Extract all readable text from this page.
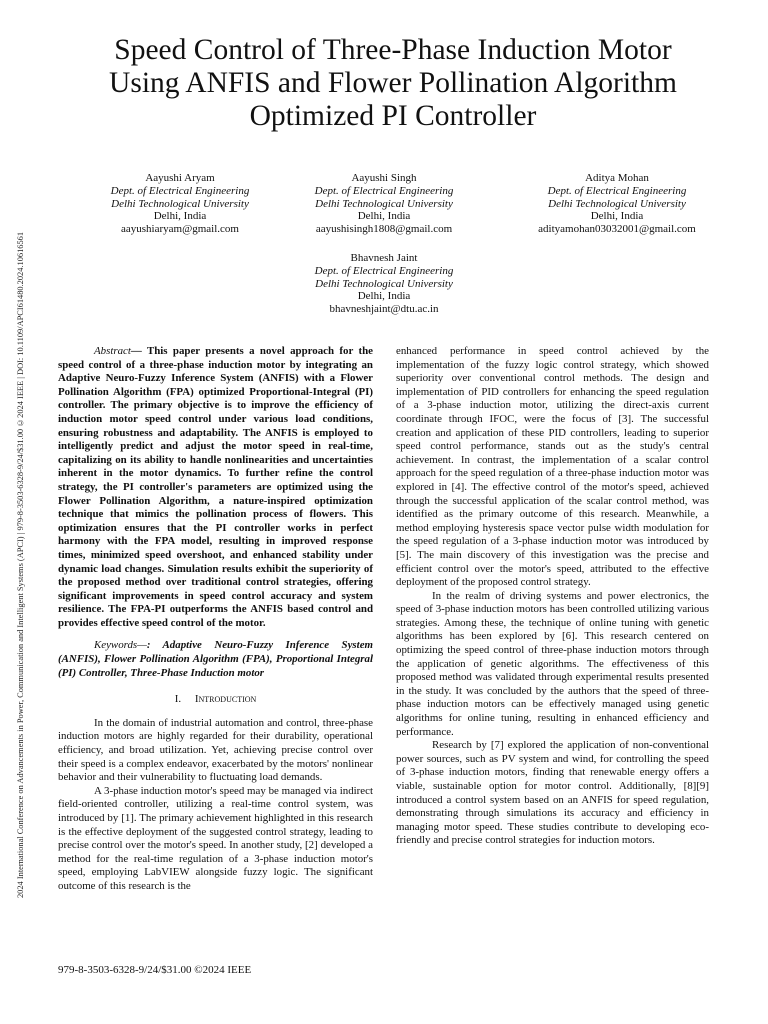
2024 International Conference on Advancements in Power, Communication and Intelligent Systems (APCI) | 979-8-3503-6328-9/24/$31.00 ©2024 IEEE | DOI: 10.1109/APCI61480.2024.10616561
Speed Control of Three-Phase Induction Motor
Using ANFIS and Flower Pollination Algorithm
Optimized PI Controller
Aayushi Aryam
Dept. of Electrical Engineering
Delhi Technological University
Delhi, India
aayushiaryam@gmail.com
Aayushi Singh
Dept. of Electrical Engineering
Delhi Technological University
Delhi, India
aayushisingh1808@gmail.com
Aditya Mohan
Dept. of Electrical Engineering
Delhi Technological University
Delhi, India
adityamohan03032001@gmail.com
Bhavnesh Jaint
Dept. of Electrical Engineering
Delhi Technological University
Delhi, India
bhavneshjaint@dtu.ac.in

Abstract— This paper presents a novel approach for the speed control of a three-phase induction motor by integrating an Adaptive Neuro-Fuzzy Inference System (ANFIS) with a Flower Pollination Algorithm (FPA) optimized Proportional-Integral (PI) controller. The primary objective is to improve the efficiency of induction motor speed control under various load conditions, ensuring robustness and adaptability. The ANFIS is employed to intelligently predict and adjust the motor speed in real-time, capitalizing on its ability to handle nonlinearities and uncertainties inherent in the motor dynamics. To further refine the control strategy, the PI controller's parameters are optimized using the Flower Pollination Algorithm, a nature-inspired optimization technique that mimics the pollination process of flowers. This optimization ensures that the PI controller works in perfect harmony with the FPA model, resulting in improved response times, minimized speed overshoot, and enhanced stability under dynamic load changes. Simulation results exhibit the superiority of the proposed method over traditional control strategies, offering significant improvements in speed control accuracy and system resilience. The FPA-PI outperforms the ANFIS based control and provides effective speed control of the motor.

Keywords—: Adaptive Neuro-Fuzzy Inference System (ANFIS), Flower Pollination Algorithm (FPA), Proportional Integral (PI) Controller, Three-Phase Induction motor

I. Introduction

In the domain of industrial automation and control, three-phase induction motors are highly regarded for their durability, operational efficiency, and broad utilization. Yet, achieving precise control over their speed is a complex endeavor, exacerbated by the motors' nonlinear behavior and their vulnerability to fluctuating load demands.

A 3-phase induction motor's speed may be managed via indirect field-oriented controller, utilizing a real-time control system, was introduced by [1]. The primary achievement highlighted in this research is the effective deployment of the suggested control strategy, leading to precise control over the motor's speed. In another study, [2] developed a method for the real-time regulation of a 3-phase induction motor's speed, employing LabVIEW alongside fuzzy logic. The significant outcome of this research is the

enhanced performance in speed control achieved by the implementation of the fuzzy logic control strategy, which showed superiority over conventional control methods. The design and implementation of PID controllers for enhancing the speed regulation of a 3-phase induction motor, utilizing the direct-axis current coordinate through IFOC, were the focus of [3]. The successful creation and application of these PID controllers, leading to superior speed control performance, stands out as the study's central achievement. In contrast, the implementation of a scalar control approach for the speed regulation of a three-phase induction motor was explored in [4]. The effective control of the motor's speed, achieved through the successful application of the scalar control method, was identified as the primary outcome of this research. Meanwhile, a method employing hysteresis space vector pulse width modulation for the speed regulation of a 3-phase induction motor was introduced by [5]. The main discovery of this investigation was the precise and efficient control over the motor's speed, attributed to the effective deployment of the proposed control strategy.

In the realm of driving systems and power electronics, the speed of 3-phase induction motors has been controlled utilizing various strategies. Among these, the technique of online tuning with genetic algorithms has been explored by [6]. This research centered on optimizing the speed control of three-phase induction motors through the application of genetic algorithms. The effectiveness of this proposed method was validated through experimental results presented in the study. It was concluded by the authors that the speed of three-phase induction motors can be effectively managed using genetic algorithms for online tuning, resulting in enhanced efficiency and performance.

Research by [7] explored the application of non-conventional power sources, such as PV system and wind, for controlling the speed of 3-phase induction motors, finding that renewable energy offers a viable, sustainable option for motor control. Additionally, [8][9] introduced a control system based on an ANFIS for speed regulation, demonstrating through simulations its accuracy and efficiency in managing motor speed. These studies contribute to developing eco-friendly and precise control strategies for induction motors.

979-8-3503-6328-9/24/$31.00 ©2024 IEEE
